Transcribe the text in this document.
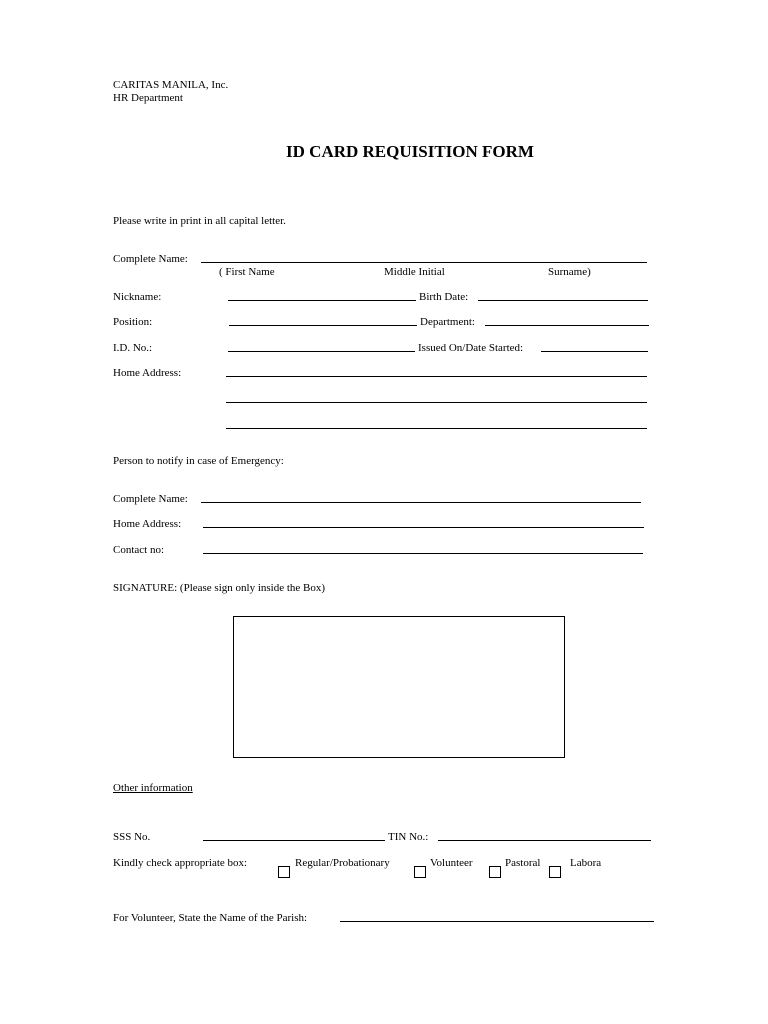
CARITAS MANILA, Inc.
HR Department
ID CARD REQUISITION FORM
Please write in print in all capital letter.
Complete Name:
( First Name	Middle Initial	Surname)
Nickname:	Birth Date:
Position:	Department:
I.D. No.:	Issued On/Date Started:
Home Address:
Person to notify in case of Emergency:
Complete Name:
Home Address:
Contact no:
SIGNATURE: (Please sign only inside the Box)
Other information
SSS No.	TIN No.:
Kindly check appropriate box:	Regular/Probationary	Volunteer	Pastoral	Labora
For Volunteer, State the Name of the Parish:
